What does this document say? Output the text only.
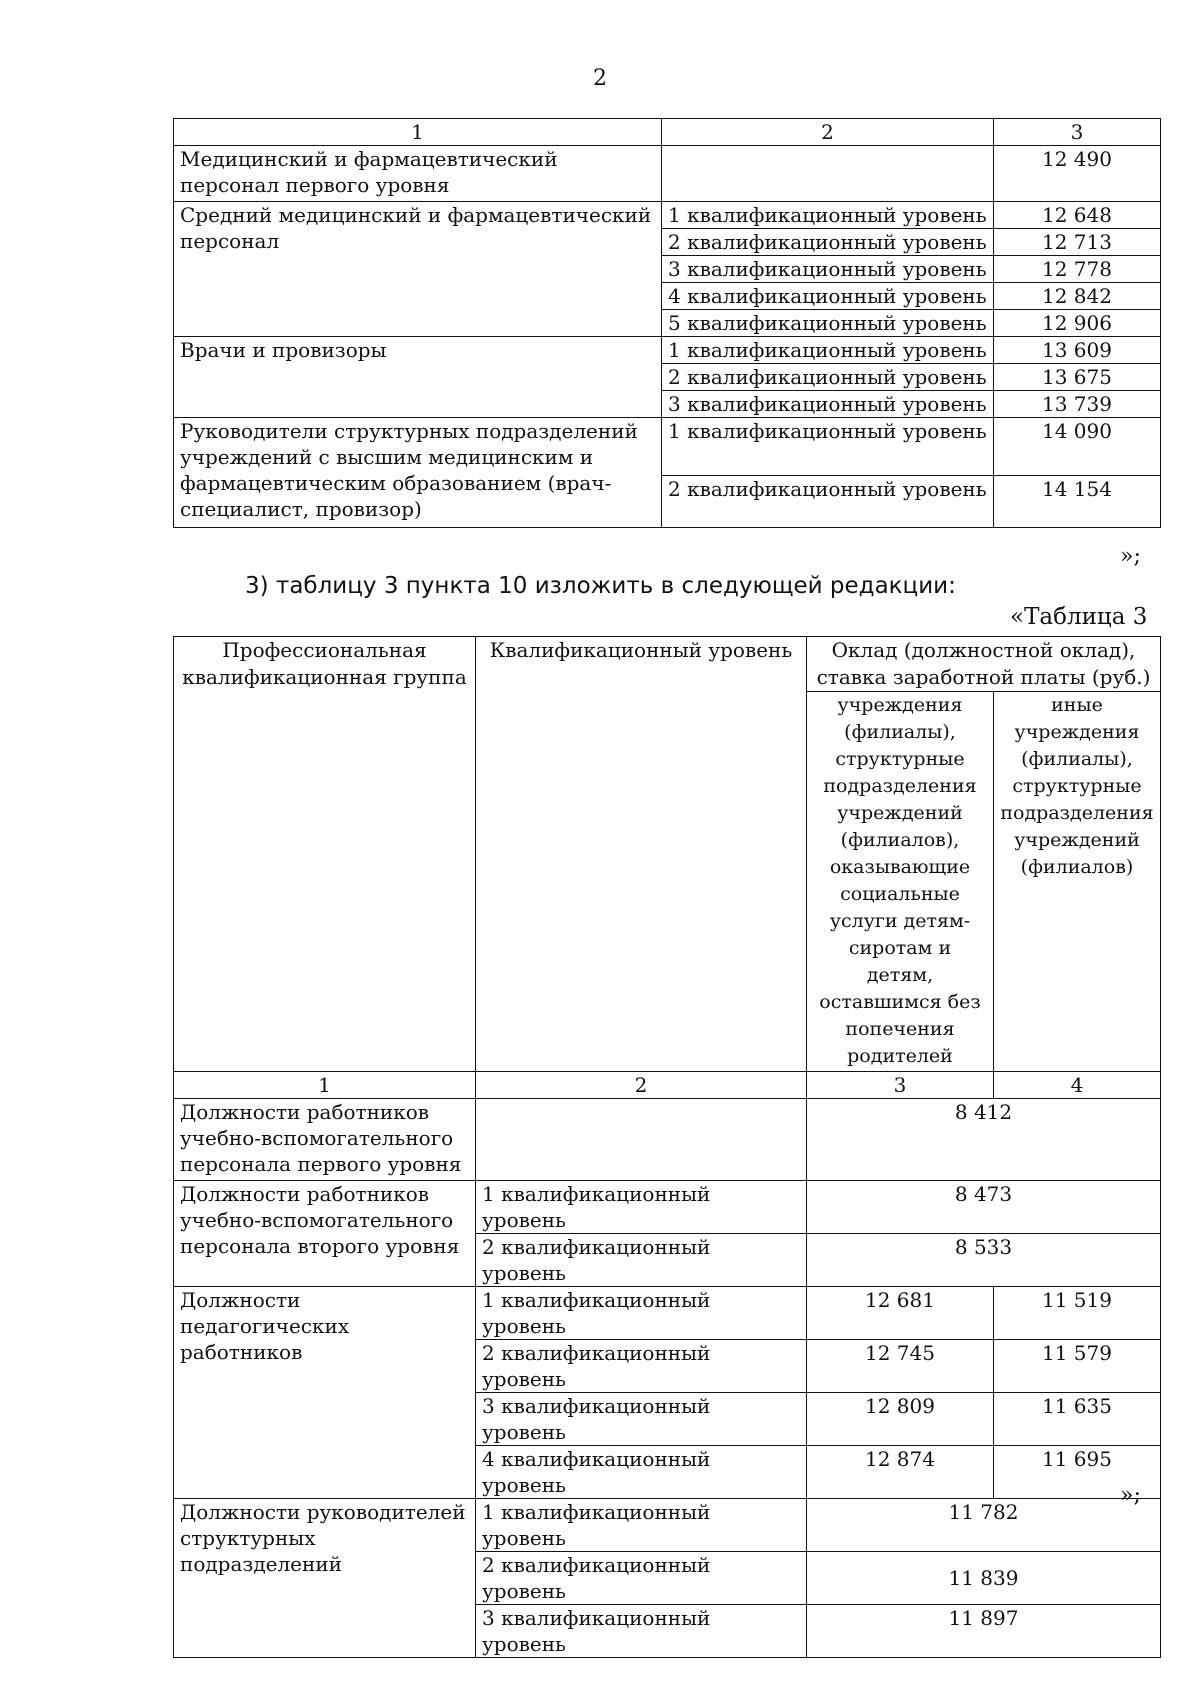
2
1	2	3
Медицинский и фармацевтический персонал первого уровня		12 490
Средний медицинский и фармацевтический персонал	1 квалификационный уровень	12 648
	2 квалификационный уровень	12 713
	3 квалификационный уровень	12 778
	4 квалификационный уровень	12 842
	5 квалификационный уровень	12 906
Врачи и провизоры	1 квалификационный уровень	13 609
	2 квалификационный уровень	13 675
	3 квалификационный уровень	13 739
Руководители структурных подразделений учреждений с высшим медицинским и фармацевтическим образованием (врач-специалист, провизор)	1 квалификационный уровень	14 090
	2 квалификационный уровень	14 154
»;
3) таблицу 3 пункта 10 изложить в следующей редакции:
«Таблица 3
Профессиональная квалификационная группа	Квалификационный уровень	Оклад (должностной оклад), ставка заработной платы (руб.)	
		учреждения (филиалы), структурные подразделения учреждений (филиалов), оказывающие социальные услуги детям-сиротам и детям, оставшимся без попечения родителей	иные учреждения (филиалы), структурные подразделения учреждений (филиалов)
1	2	3	4
Должности работников учебно-вспомогательного персонала первого уровня		8 412	
Должности работников учебно-вспомогательного персонала второго уровня	1 квалификационный уровень	8 473	
	2 квалификационный уровень	8 533	
Должности педагогических работников	1 квалификационный уровень	12 681	11 519
	2 квалификационный уровень	12 745	11 579
	3 квалификационный уровень	12 809	11 635
	4 квалификационный уровень	12 874	11 695
Должности руководителей структурных подразделений	1 квалификационный уровень	11 782	
	2 квалификационный уровень	11 839	
	3 квалификационный уровень	11 897	
»;
